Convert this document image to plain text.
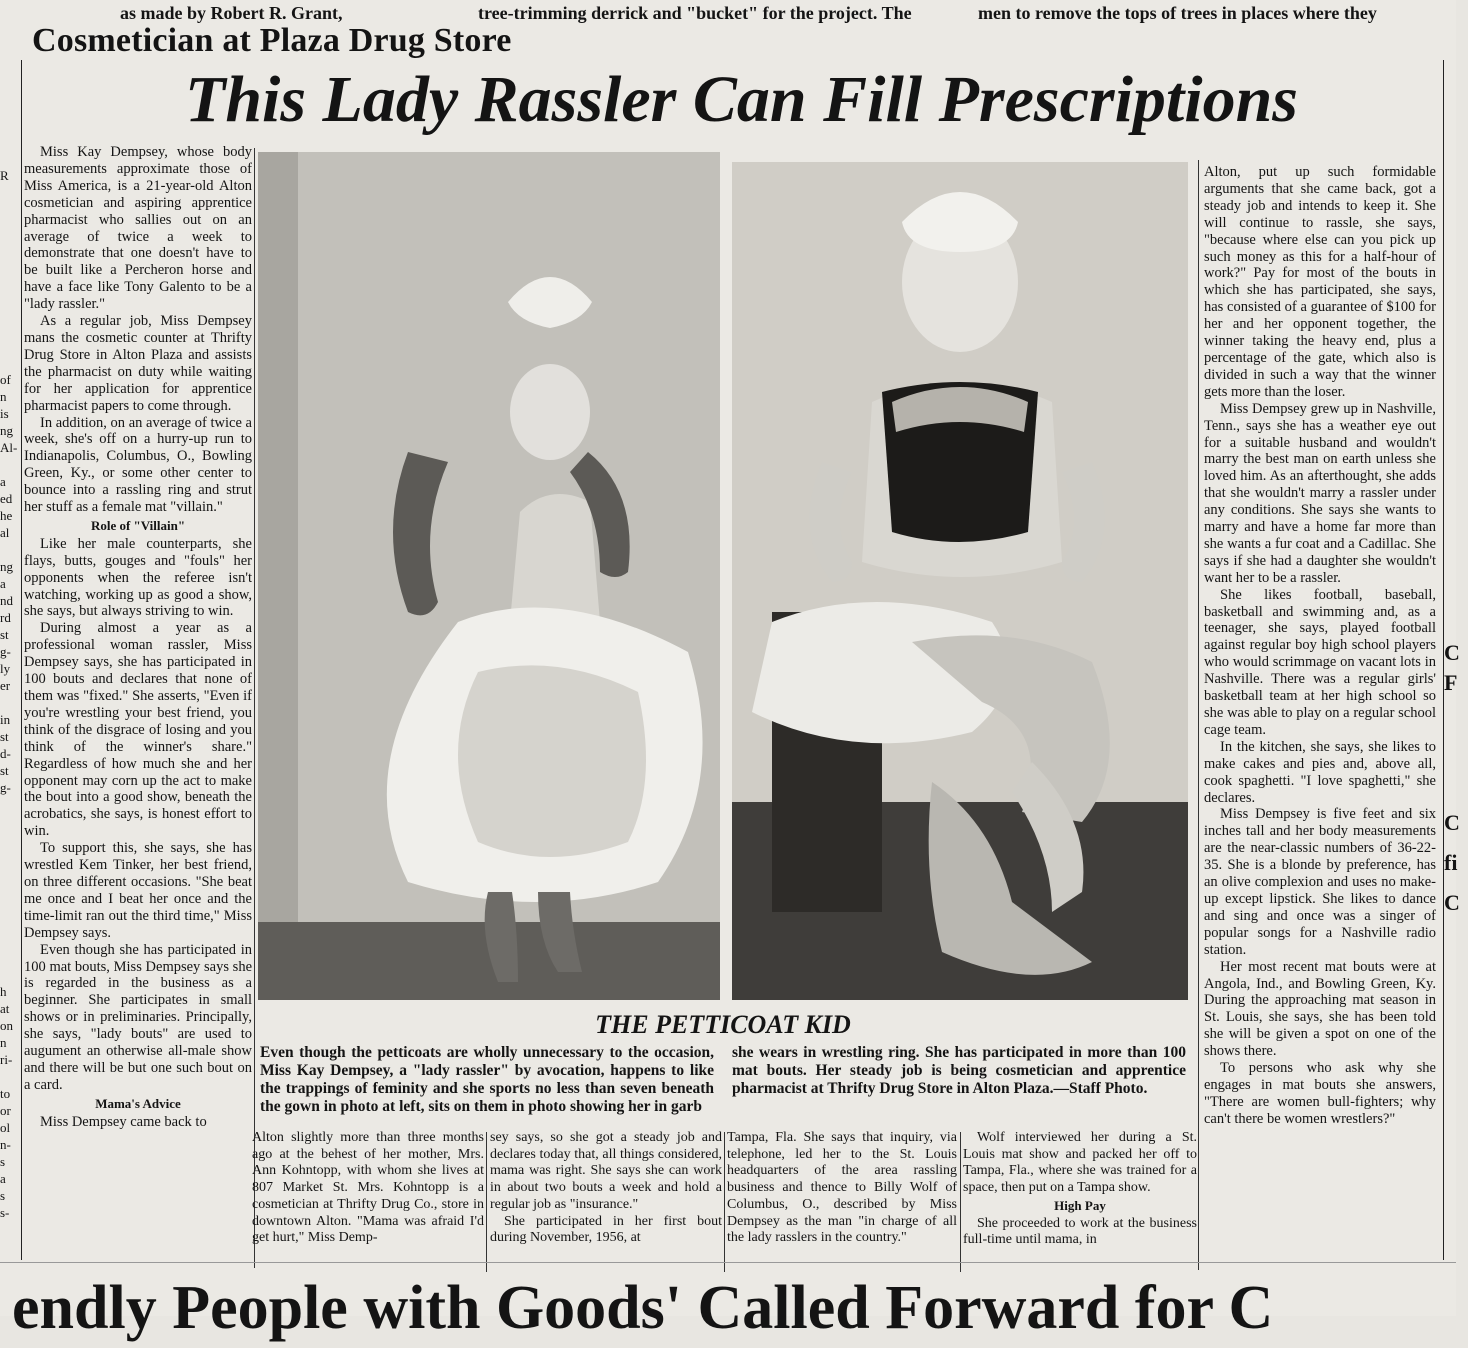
as made by Robert R. Grant,	tree-trimming derrick and "bucket" for the project. The	men to remove the tops of trees in places where they
R
of
n
is
ng
Al-
a
ed
he
al
ng
a
nd
rd
st
g-
ly
er
in
st
d-
st
g-
h
at
on
n
ri-
to
or
ol
n-
s
a
s
s-
C
F
C
fi
C
Cosmetician at Plaza Drug Store
This Lady Rassler Can Fill Prescriptions

Miss Kay Dempsey, whose body measurements approximate those of Miss America, is a 21-year-old Alton cosmetician and aspiring apprentice pharmacist who sallies out on an average of twice a week to demonstrate that one doesn't have to be built like a Percheron horse and have a face like Tony Galento to be a "lady rassler."

As a regular job, Miss Dempsey mans the cosmetic counter at Thrifty Drug Store in Alton Plaza and assists the pharmacist on duty while waiting for her application for apprentice pharmacist papers to come through.

In addition, on an average of twice a week, she's off on a hurry-up run to Indianapolis, Columbus, O., Bowling Green, Ky., or some other center to bounce into a rassling ring and strut her stuff as a female mat "villain."

Role of "Villain"

Like her male counterparts, she flays, butts, gouges and "fouls" her opponents when the referee isn't watching, working up as good a show, she says, but always striving to win.

During almost a year as a professional woman rassler, Miss Dempsey says, she has participated in 100 bouts and declares that none of them was "fixed." She asserts, "Even if you're wrestling your best friend, you think of the disgrace of losing and you think of the winner's share." Regardless of how much she and her opponent may corn up the act to make the bout into a good show, beneath the acrobatics, she says, is honest effort to win.

To support this, she says, she has wrestled Kem Tinker, her best friend, on three different occasions. "She beat me once and I beat her once and the time-limit ran out the third time," Miss Dempsey says.

Even though she has participated in 100 mat bouts, Miss Dempsey says she is regarded in the business as a beginner. She participates in small shows or in preliminaries. Principally, she says, "lady bouts" are used to augument an otherwise all-male show and there will be but one such bout on a card.

Mama's Advice

Miss Dempsey came back to

THE PETTICOAT KID
Even though the petticoats are wholly unnecessary to the occasion, Miss Kay Dempsey, a "lady rassler" by avocation, happens to like the trappings of feminity and she sports no less than seven beneath the gown in photo at left, sits on them in photo showing her in garb
she wears in wrestling ring. She has participated in more than 100 mat bouts. Her steady job is being cosmetician and apprentice pharmacist at Thrifty Drug Store in Alton Plaza.—Staff Photo.

Alton, put up such formidable arguments that she came back, got a steady job and intends to keep it. She will continue to rassle, she says, "because where else can you pick up such money as this for a half-hour of work?" Pay for most of the bouts in which she has participated, she says, has consisted of a guarantee of $100 for her and her opponent together, the winner taking the heavy end, plus a percentage of the gate, which also is divided in such a way that the winner gets more than the loser.

Miss Dempsey grew up in Nashville, Tenn., says she has a weather eye out for a suitable husband and wouldn't marry the best man on earth unless she loved him. As an afterthought, she adds that she wouldn't marry a rassler under any conditions. She says she wants to marry and have a home far more than she wants a fur coat and a Cadillac. She says if she had a daughter she wouldn't want her to be a rassler.

She likes football, baseball, basketball and swimming and, as a teenager, she says, played football against regular boy high school players who would scrimmage on vacant lots in Nashville. There was a regular girls' basketball team at her high school so she was able to play on a regular school cage team.

In the kitchen, she says, she likes to make cakes and pies and, above all, cook spaghetti. "I love spaghetti," she declares.

Miss Dempsey is five feet and six inches tall and her body measurements are the near-classic numbers of 36-22-35. She is a blonde by preference, has an olive complexion and uses no make-up except lipstick. She likes to dance and sing and once was a singer of popular songs for a Nashville radio station.

Her most recent mat bouts were at Angola, Ind., and Bowling Green, Ky. During the approaching mat season in St. Louis, she says, she has been told she will be given a spot on one of the shows there.

To persons who ask why she engages in mat bouts she answers, "There are women bull-fighters; why can't there be women wrestlers?"

Alton slightly more than three months ago at the behest of her mother, Mrs. Ann Kohntopp, with whom she lives at 807 Market St. Mrs. Kohntopp is a cosmetician at Thrifty Drug Co., store in downtown Alton. "Mama was afraid I'd get hurt," Miss Demp-

sey says, so she got a steady job and declares today that, all things considered, mama was right. She says she can work in about two bouts a week and hold a regular job as "insurance."

She participated in her first bout during November, 1956, at

Tampa, Fla. She says that inquiry, via telephone, led her to the St. Louis headquarters of the area rassling business and thence to Billy Wolf of Columbus, O., described by Miss Dempsey as the man "in charge of all the lady rasslers in the country."

Wolf interviewed her during a St. Louis mat show and packed her off to Tampa, Fla., where she was trained for a space, then put on a Tampa show.

High Pay

She proceeded to work at the business full-time until mama, in

endly People with Goods' Called Forward for C
